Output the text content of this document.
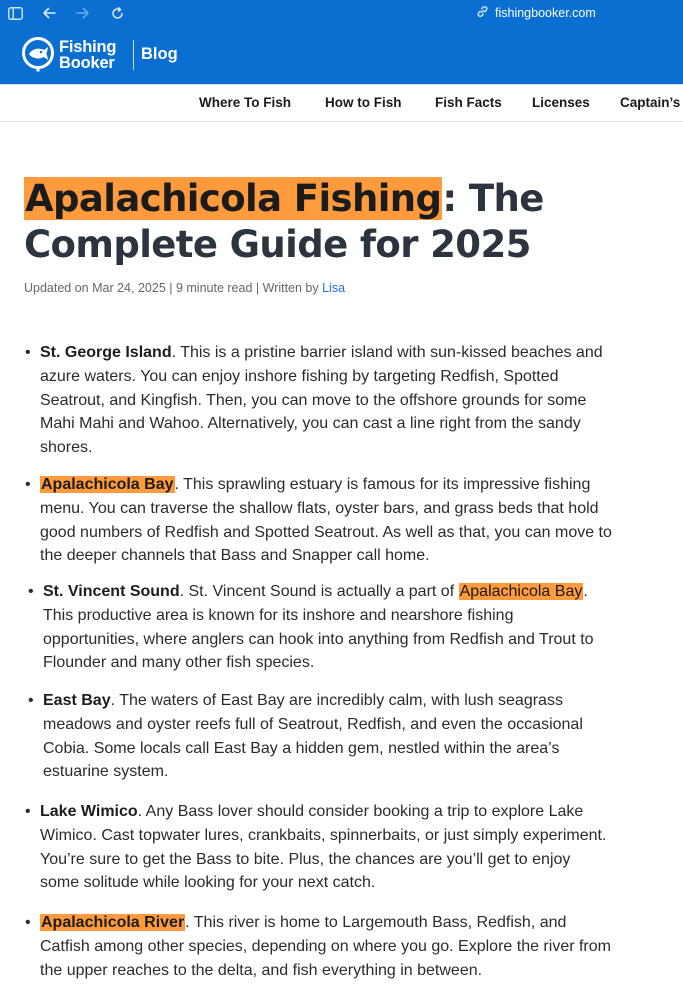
fishingbooker.com
Fishing
Booker Blog
Where To Fish	How to Fish Fish Facts Licenses Captain’s
Apalachicola Fishing: The Complete Guide for 2025
Updated on Mar 24, 2025 | 9 minute read | Written by Lisa
• St. George Island. This is a pristine barrier island with sun-kissed beaches and azure waters. You can enjoy inshore fishing by targeting Redfish, Spotted Seatrout, and Kingfish. Then, you can move to the offshore grounds for some Mahi Mahi and Wahoo. Alternatively, you can cast a line right from the sandy shores.
• Apalachicola Bay. This sprawling estuary is famous for its impressive fishing menu. You can traverse the shallow flats, oyster bars, and grass beds that hold good numbers of Redfish and Spotted Seatrout. As well as that, you can move to the deeper channels that Bass and Snapper call home.
• St. Vincent Sound. St. Vincent Sound is actually a part of Apalachicola Bay. This productive area is known for its inshore and nearshore fishing opportunities, where anglers can hook into anything from Redfish and Trout to Flounder and many other fish species.
• East Bay. The waters of East Bay are incredibly calm, with lush seagrass meadows and oyster reefs full of Seatrout, Redfish, and even the occasional Cobia. Some locals call East Bay a hidden gem, nestled within the area’s estuarine system.
• Lake Wimico. Any Bass lover should consider booking a trip to explore Lake Wimico. Cast topwater lures, crankbaits, spinnerbaits, or just simply experiment. You’re sure to get the Bass to bite. Plus, the chances are you’ll get to enjoy some solitude while looking for your next catch.
• Apalachicola River. This river is home to Largemouth Bass, Redfish, and Catfish among other species, depending on where you go. Explore the river from the upper reaches to the delta, and fish everything in between.
